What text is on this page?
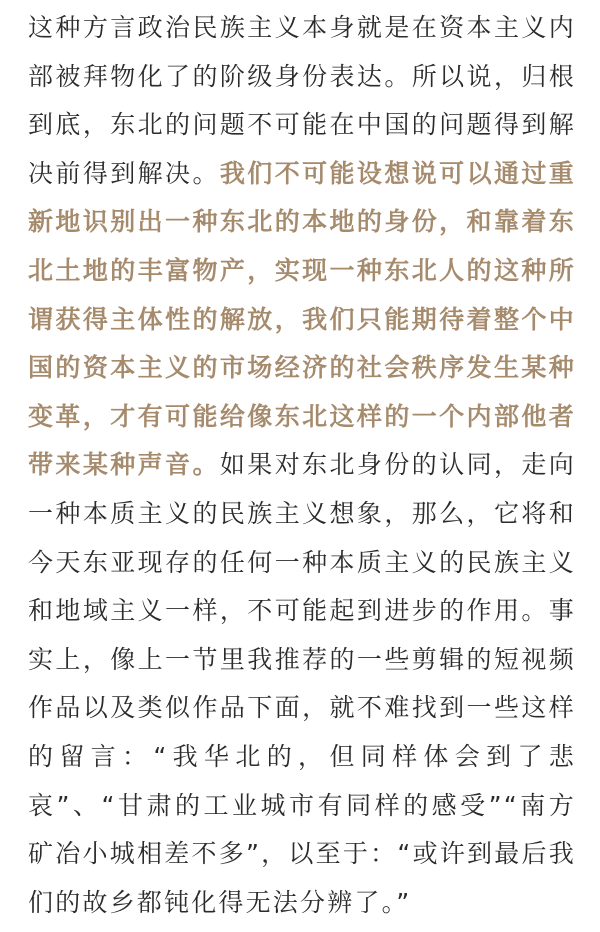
这种方言政治民族主义本身就是在资本主义内部被拜物化了的阶级身份表达。所以说，归根到底，东北的问题不可能在中国的问题得到解决前得到解决。我们不可能设想说可以通过重新地识别出一种东北的本地的身份，和靠着东北土地的丰富物产，实现一种东北人的这种所谓获得主体性的解放，我们只能期待着整个中国的资本主义的市场经济的社会秩序发生某种变革，才有可能给像东北这样的一个内部他者带来某种声音。如果对东北身份的认同，走向一种本质主义的民族主义想象，那么，它将和今天东亚现存的任何一种本质主义的民族主义和地域主义一样，不可能起到进步的作用。事实上，像上一节里我推荐的一些剪辑的短视频作品以及类似作品下面，就不难找到一些这样的留言：“我华北的，但同样体会到了悲哀”、“甘肃的工业城市有同样的感受”“南方矿冶小城相差不多”，以至于：“或许到最后我们的故乡都钝化得无法分辨了。”
